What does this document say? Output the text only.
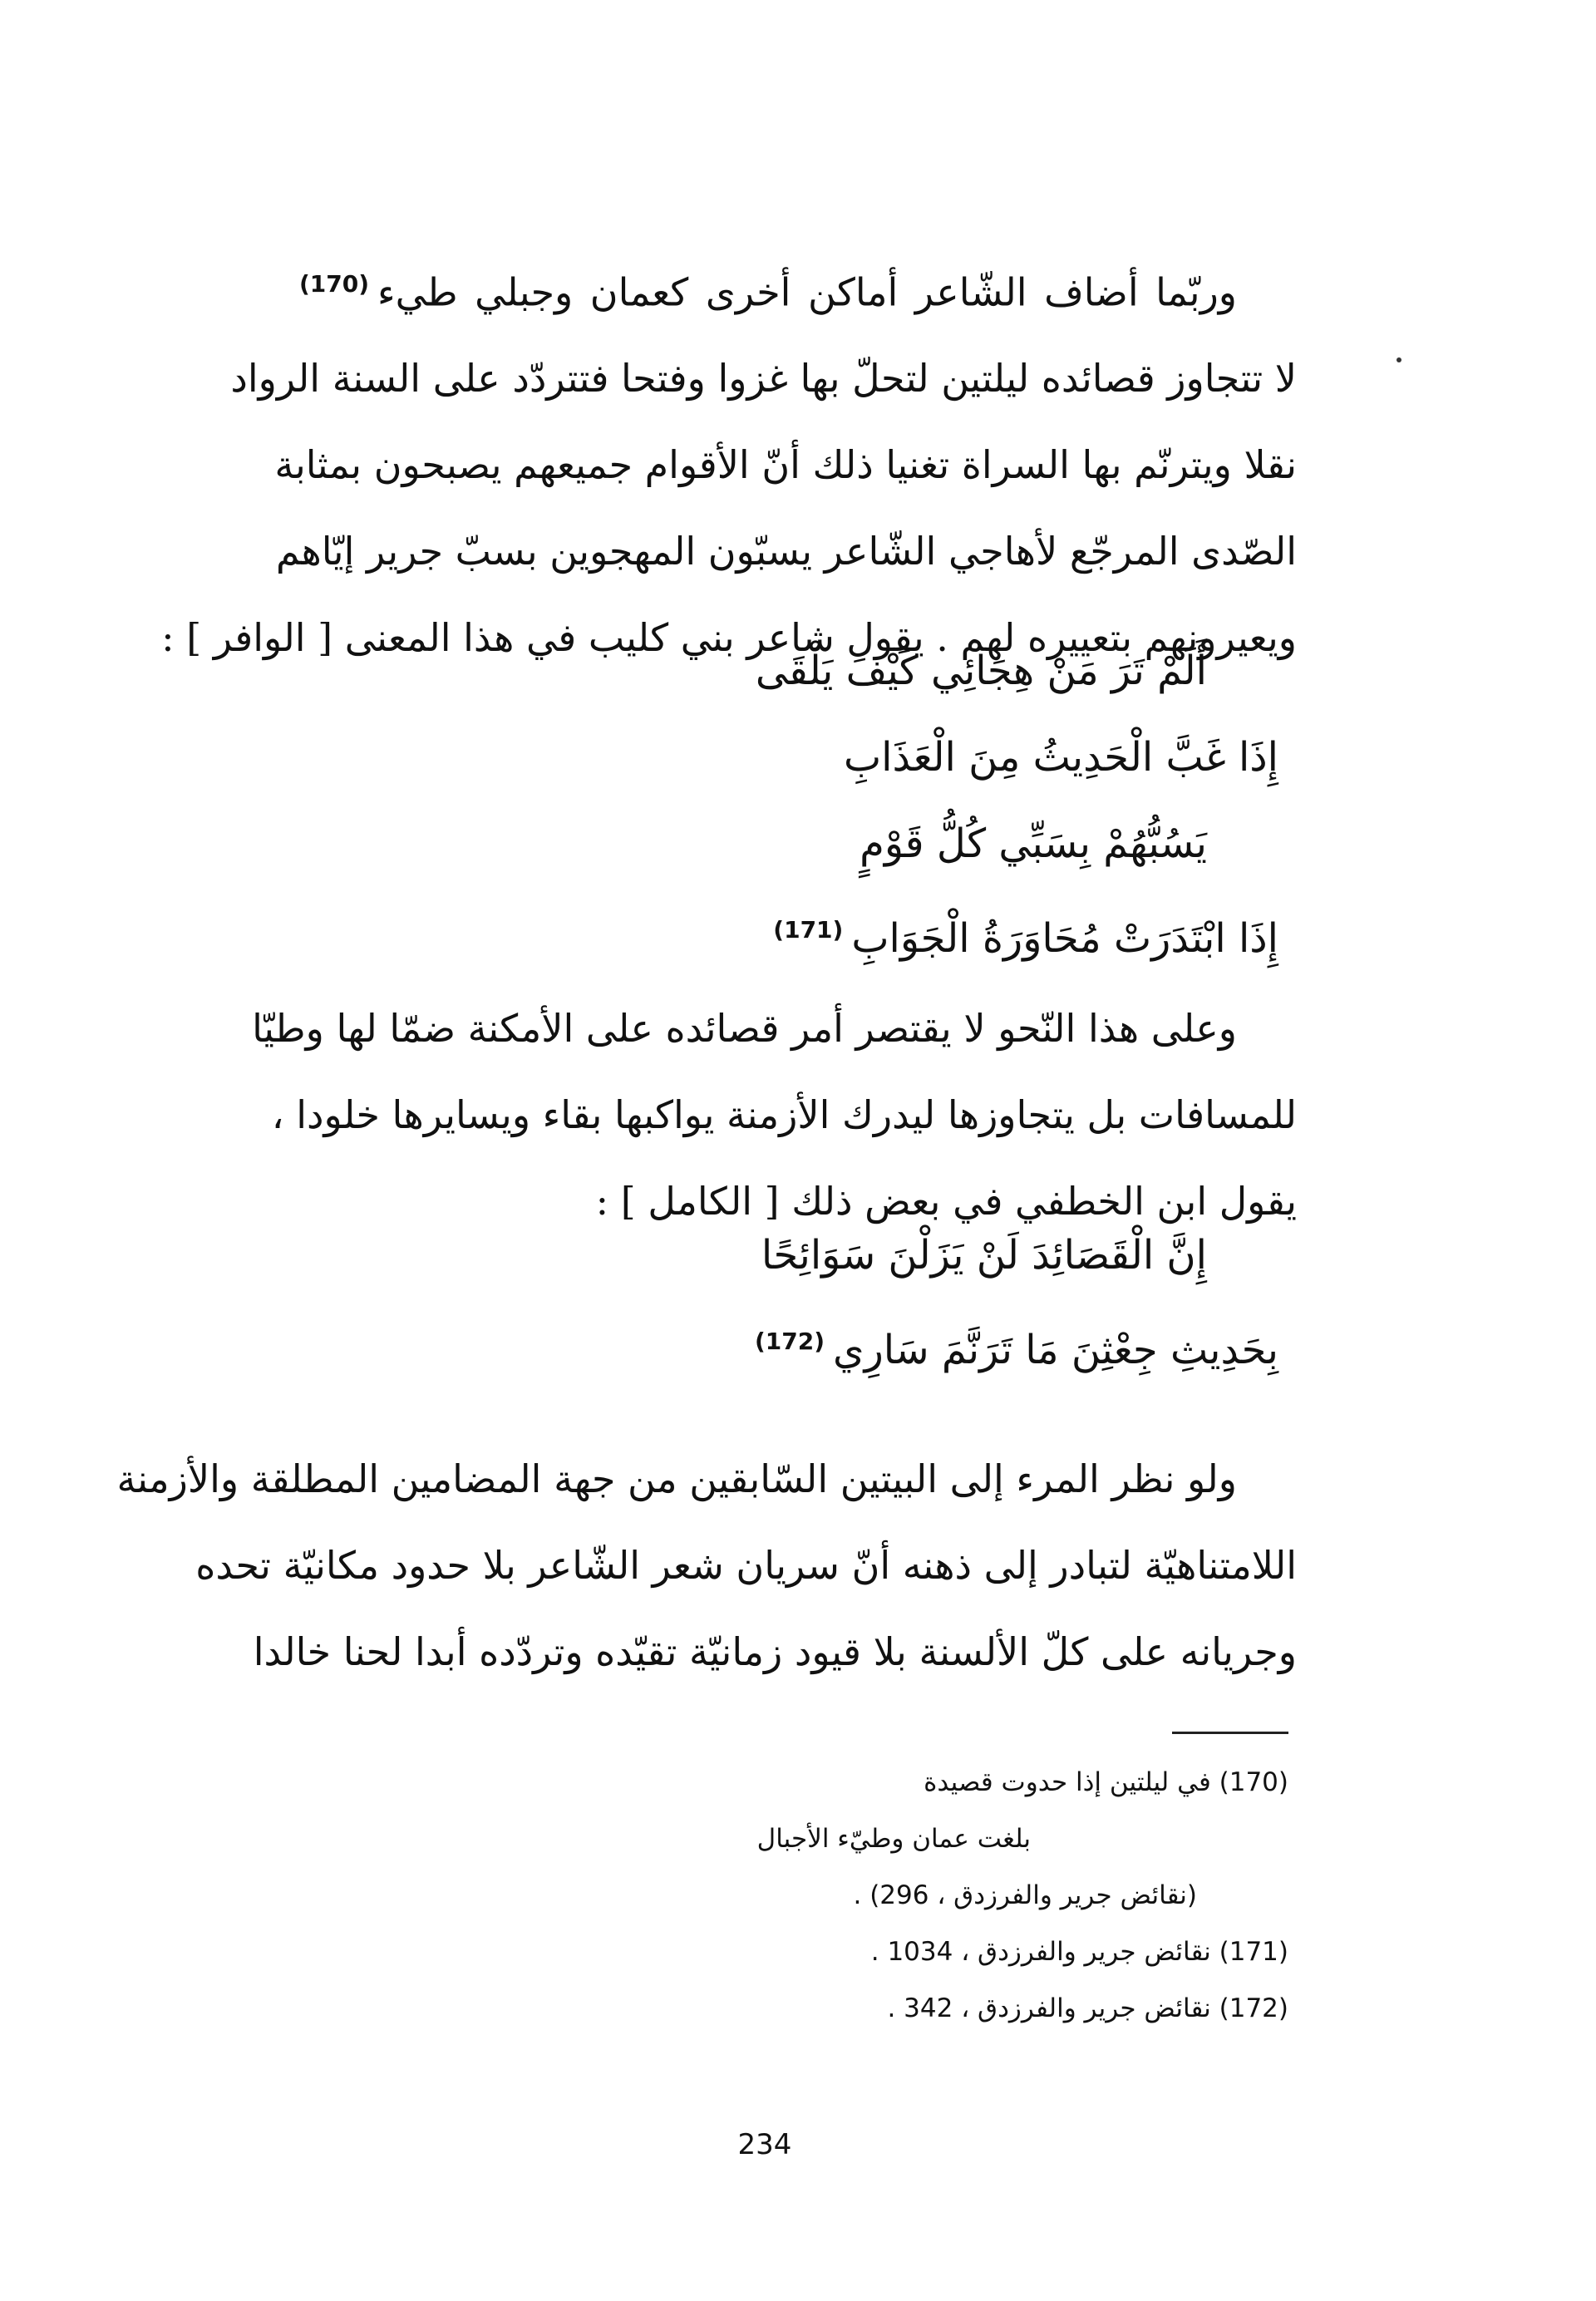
وربّما أضاف الشّاعر أماكن أخرى كعمان وجبلي طيء$^{(170)}$
لا تتجاوز قصائده ليلتين لتحلّ بها غزوا وفتحا فتتردّد على السنة الرواد
نقلا ويترنّم بها السراة تغنيا ذلك أنّ الأقوام جميعهم يصبحون بمثابة
الصّدى المرجّع لأهاجي الشّاعر يسبّون المهجوين بسبّ جرير إيّاهم
ويعيرونهم بتعييره لهم . يقول شاعر بني كليب في هذا المعنى [ الوافر ] :
أَلَمْ تَرَ مَنْ هِجَائِي كَيْفَ يَلْقَى
إِذَا غَبَّ الْحَدِيثُ مِنَ الْعَذَابِ
يَسُبُّهُمْ بِسَبِّي كُلُّ قَوْمٍ
إِذَا ابْتَدَرَتْ مُحَاوَرَةُ الْجَوَابِ$^{(171)}$
وعلى هذا النّحو لا يقتصر أمر قصائده على الأمكنة ضمّا لها وطيّا
للمسافات بل يتجاوزها ليدرك الأزمنة يواكبها بقاء ويسايرها خلودا ،
يقول ابن الخطفي في بعض ذلك [ الكامل ] :
إِنَّ الْقَصَائِدَ لَنْ يَزَلْنَ سَوَائِحًا
بِحَدِيثِ جِعْثِنَ مَا تَرَنَّمَ سَارِي$^{(172)}$
ولو نظر المرء إلى البيتين السّابقين من جهة المضامين المطلقة والأزمنة
اللامتناهيّة لتبادر إلى ذهنه أنّ سريان شعر الشّاعر بلا حدود مكانيّة تحده
وجريانه على كلّ الألسنة بلا قيود زمانيّة تقيّده وتردّده أبدا لحنا خالدا
(170) في ليلتين إذا حدوت قصيدة
بلغت عمان وطيّء الأجبال
(نقائض جرير والفرزدق ، 296) .
(171) نقائض جرير والفرزدق ، 1034 .
(172) نقائض جرير والفرزدق ، 342 .
234
